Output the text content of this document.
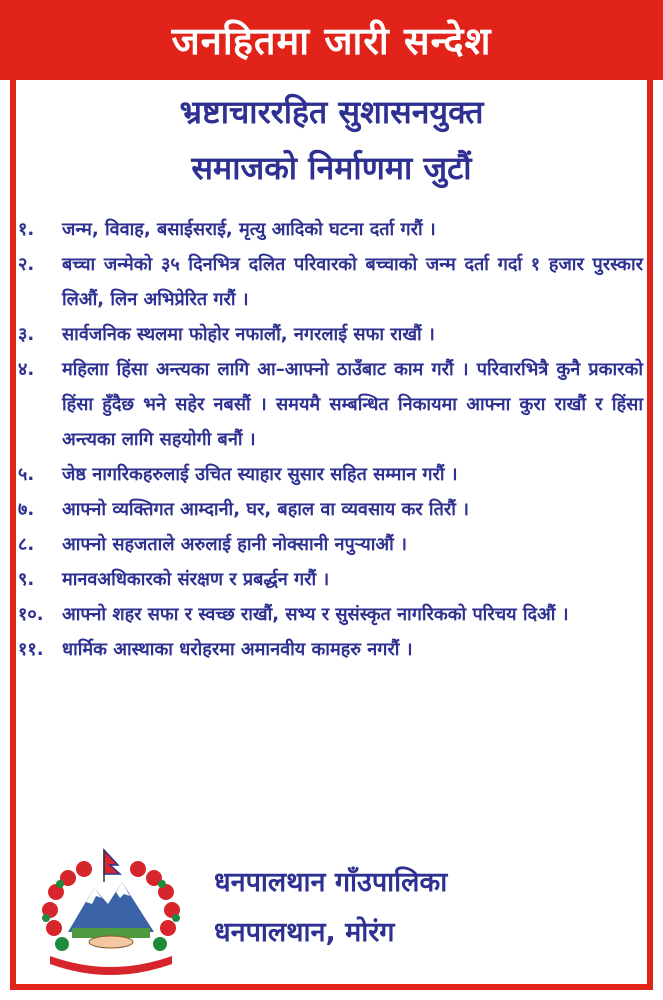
जनहितमा जारी सन्देश
भ्रष्टाचाररहित सुशासनयुक्त
समाजको निर्माणमा जुटौं
१.	जन्म, विवाह, बसाईसराई, मृत्यु आदिको घटना दर्ता गरौं ।
२.	बच्चा जन्मेको ३५ दिनभित्र दलित परिवारको बच्चाको जन्म दर्ता गर्दा १ हजार पुरस्कार लिऔं, लिन अभिप्रेरित गरौं ।
३.	सार्वजनिक स्थलमा फोहोर नफालौं, नगरलाई सफा राखौं ।
४.	महिलाा हिंसा अन्त्यका लागि आ–आफ्नो ठाउँबाट काम गरौं । परिवारभित्रै कुनै प्रकारको हिंसा हुँदैछ भने सहेर नबसौं । समयमै सम्बन्धित निकायमा आफ्ना कुरा राखौं र हिंसा अन्त्यका लागि सहयोगी बनौं ।
५.	जेष्ठ नागरिकहरुलाई उचित स्याहार सुसार सहित सम्मान गरौं ।
७.	आफ्नो व्यक्तिगत आम्दानी, घर, बहाल वा व्यवसाय कर तिरौं ।
८.	आफ्नो सहजताले अरुलाई हानी नोक्सानी नपुर्‍याऔं ।
९.	मानवअधिकारको संरक्षण र प्रबर्द्धन गरौं ।
१०.	आफ्नो शहर सफा र स्वच्छ राखौं, सभ्य र सुसंस्कृत नागरिकको परिचय दिऔं ।
११.	धार्मिक आस्थाका धरोहरमा अमानवीय कामहरु नगरौं ।
धनपालथान गाँउपालिका
धनपालथान, मोरंग
